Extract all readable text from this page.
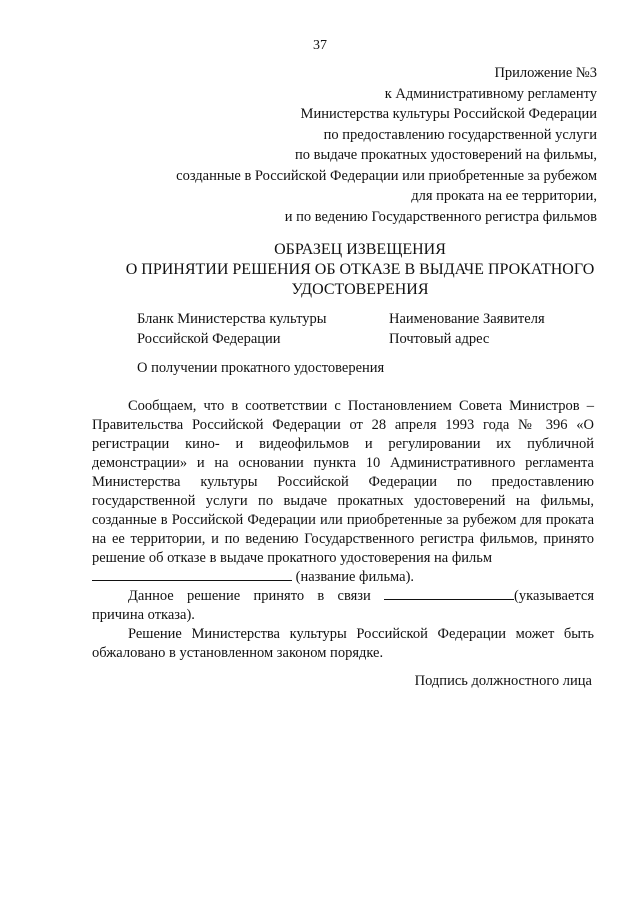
37
Приложение №3
к Административному регламенту
Министерства культуры Российской Федерации
по предоставлению государственной услуги
по выдаче прокатных удостоверений на фильмы,
созданные в Российской Федерации или приобретенные за рубежом
для проката на ее территории,
и по ведению Государственного регистра фильмов
ОБРАЗЕЦ ИЗВЕЩЕНИЯ
О ПРИНЯТИИ РЕШЕНИЯ ОБ ОТКАЗЕ В ВЫДАЧЕ ПРОКАТНОГО
УДОСТОВЕРЕНИЯ
Бланк Министерства культуры
Российской Федерации
Наименование Заявителя
Почтовый адрес
О получении прокатного удостоверения

Сообщаем, что в соответствии с Постановлением Совета Министров – Правительства Российской Федерации от 28 апреля 1993 года № 396 «О регистрации кино- и видеофильмов и регулировании их публичной демонстрации» и на основании пункта 10 Административного регламента Министерства культуры Российской Федерации по предоставлению государственной услуги по выдаче прокатных удостоверений на фильмы, созданные в Российской Федерации или приобретенные за рубежом для проката на ее территории, и по ведению Государственного регистра фильмов, принято решение об отказе в выдаче прокатного удостоверения на фильм
(название фильма).

Данное решение принято в связи	(указывается причина отказа).

Решение Министерства культуры Российской Федерации может быть обжаловано в установленном законом порядке.

Подпись должностного лица
